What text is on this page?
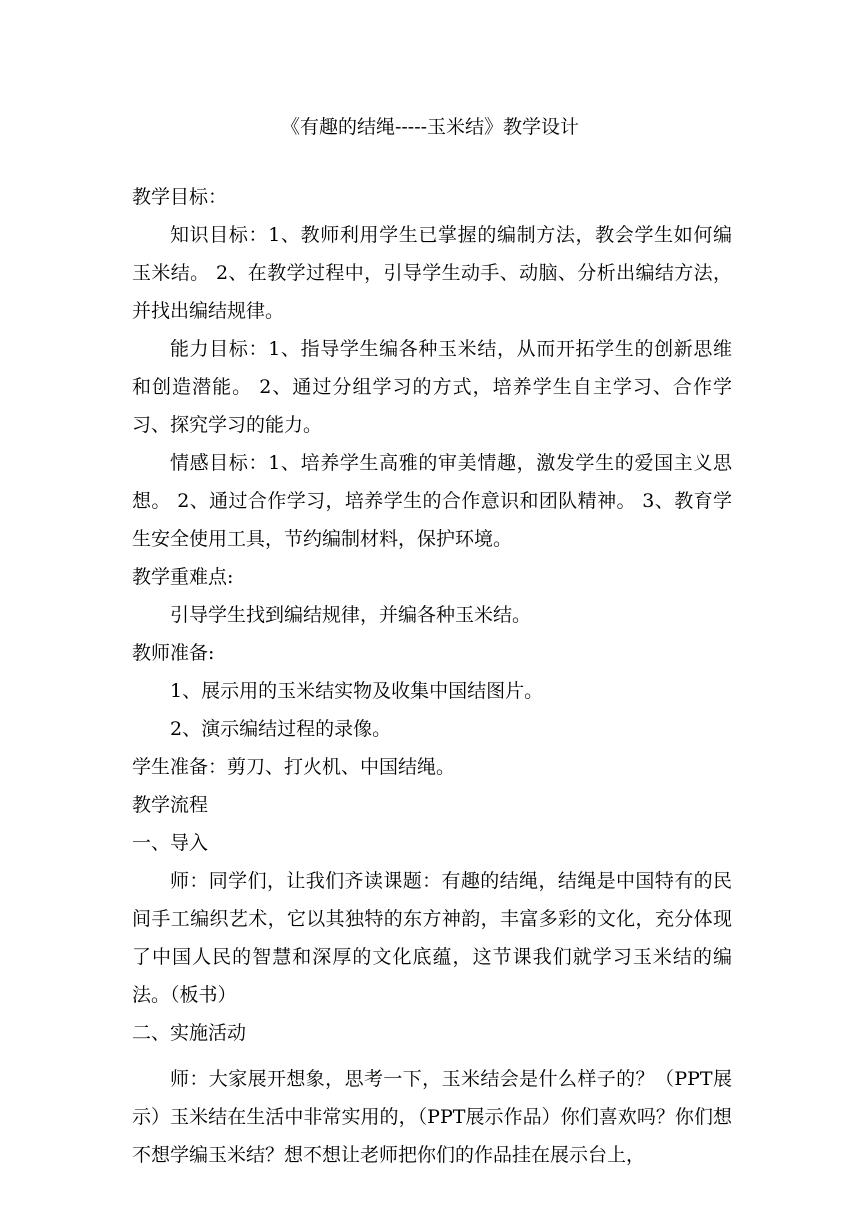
《有趣的结绳-----玉米结》教学设计

教学目标：

知识目标：1、教师利用学生已掌握的编制方法，教会学生如何编玉米结。 2、在教学过程中，引导学生动手、动脑、分析出编结方法，并找出编结规律。

能力目标：1、指导学生编各种玉米结，从而开拓学生的创新思维和创造潜能。 2、通过分组学习的方式，培养学生自主学习、合作学习、探究学习的能力。

情感目标：1、培养学生高雅的审美情趣，激发学生的爱国主义思想。 2、通过合作学习，培养学生的合作意识和团队精神。 3、教育学生安全使用工具，节约编制材料，保护环境。

教学重难点:

引导学生找到编结规律，并编各种玉米结。

教师准备:

1、展示用的玉米结实物及收集中国结图片。

2、演示编结过程的录像。

学生准备：剪刀、打火机、中国结绳。

教学流程

一、导入

师：同学们，让我们齐读课题：有趣的结绳，结绳是中国特有的民间手工编织艺术，它以其独特的东方神韵，丰富多彩的文化，充分体现了中国人民的智慧和深厚的文化底蕴，这节课我们就学习玉米结的编法。（板书）

二、实施活动

师：大家展开想象，思考一下，玉米结会是什么样子的？（PPT展示）玉米结在生活中非常实用的，（PPT展示作品）你们喜欢吗？你们想不想学编玉米结？想不想让老师把你们的作品挂在展示台上，
